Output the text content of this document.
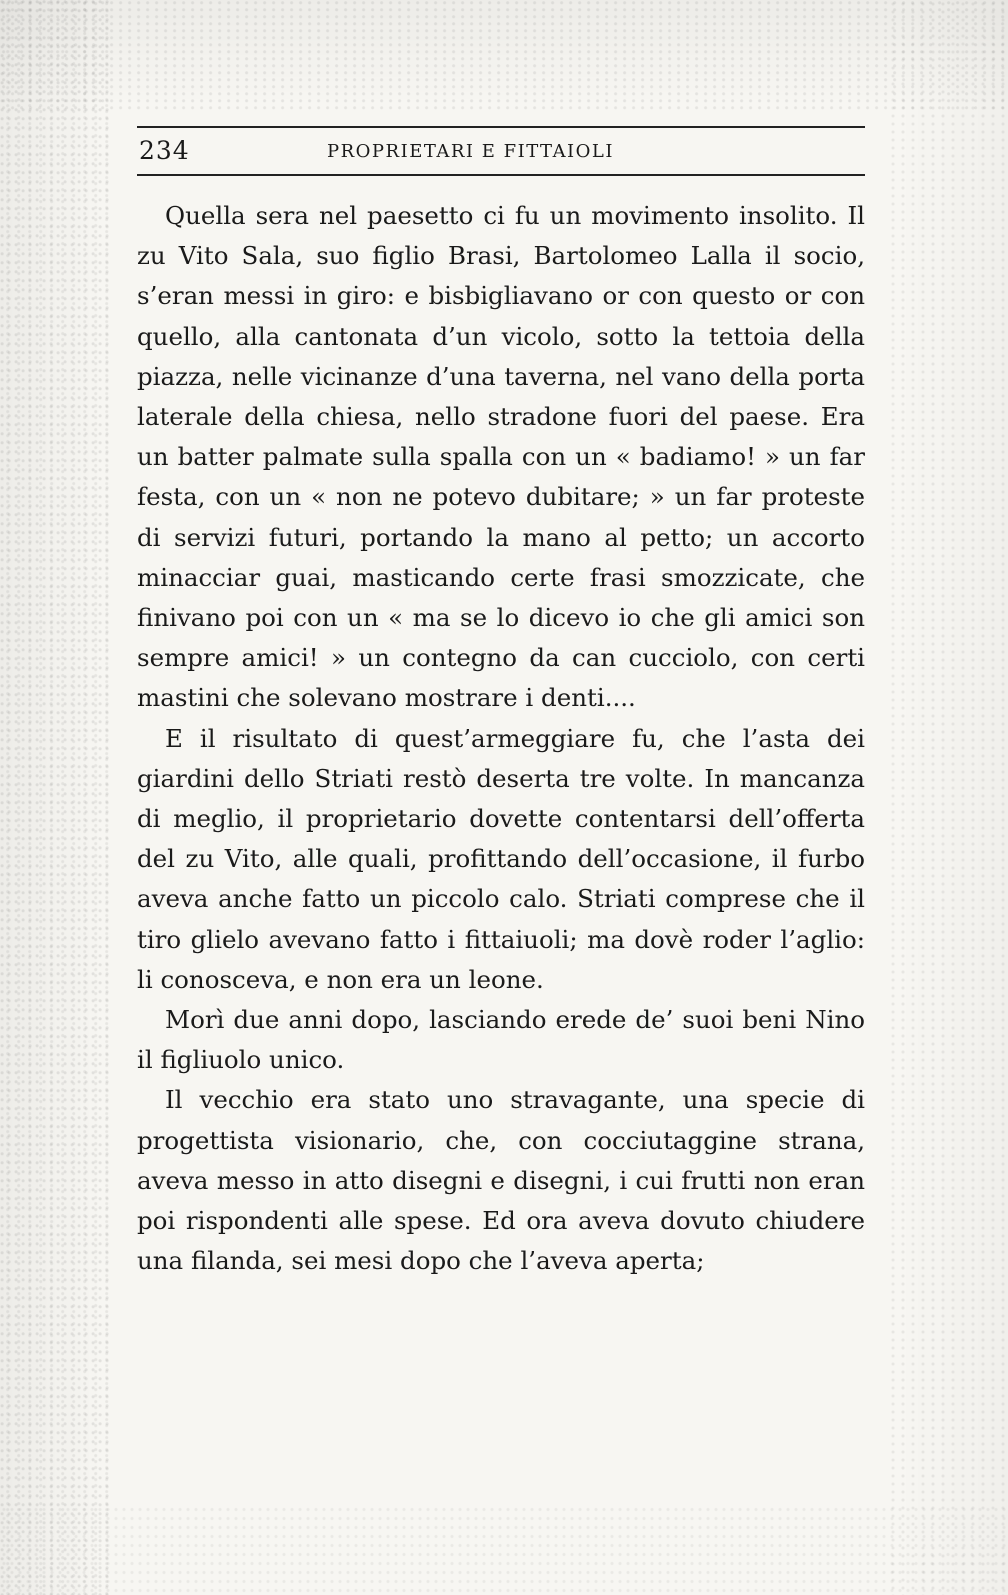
234	PROPRIETARI E FITTAIOLI

Quella sera nel paesetto ci fu un movimento insolito. Il zu Vito Sala, suo figlio Brasi, Bartolomeo Lalla il socio, s’eran messi in giro: e bisbigliavano or con questo or con quello, alla cantonata d’un vicolo, sotto la tettoia della piazza, nelle vicinanze d’una taverna, nel vano della porta laterale della chiesa, nello stradone fuori del paese. Era un batter palmate sulla spalla con un « badiamo! » un far festa, con un « non ne potevo dubitare; » un far proteste di servizi futuri, portando la mano al petto; un accorto minacciar guai, masticando certe frasi smozzicate, che finivano poi con un « ma se lo dicevo io che gli amici son sempre amici! » un contegno da can cucciolo, con certi mastini che solevano mostrare i denti....

E il risultato di quest’armeggiare fu, che l’asta dei giardini dello Striati restò deserta tre volte. In mancanza di meglio, il proprietario dovette contentarsi dell’offerta del zu Vito, alle quali, profittando dell’occasione, il furbo aveva anche fatto un piccolo calo. Striati comprese che il tiro glielo avevano fatto i fittaiuoli; ma dovè roder l’aglio: li conosceva, e non era un leone.

Morì due anni dopo, lasciando erede de’ suoi beni Nino il figliuolo unico.

Il vecchio era stato uno stravagante, una specie di progettista visionario, che, con cocciutaggine strana, aveva messo in atto disegni e disegni, i cui frutti non eran poi rispondenti alle spese. Ed ora aveva dovuto chiudere una filanda, sei mesi dopo che l’aveva aperta;
